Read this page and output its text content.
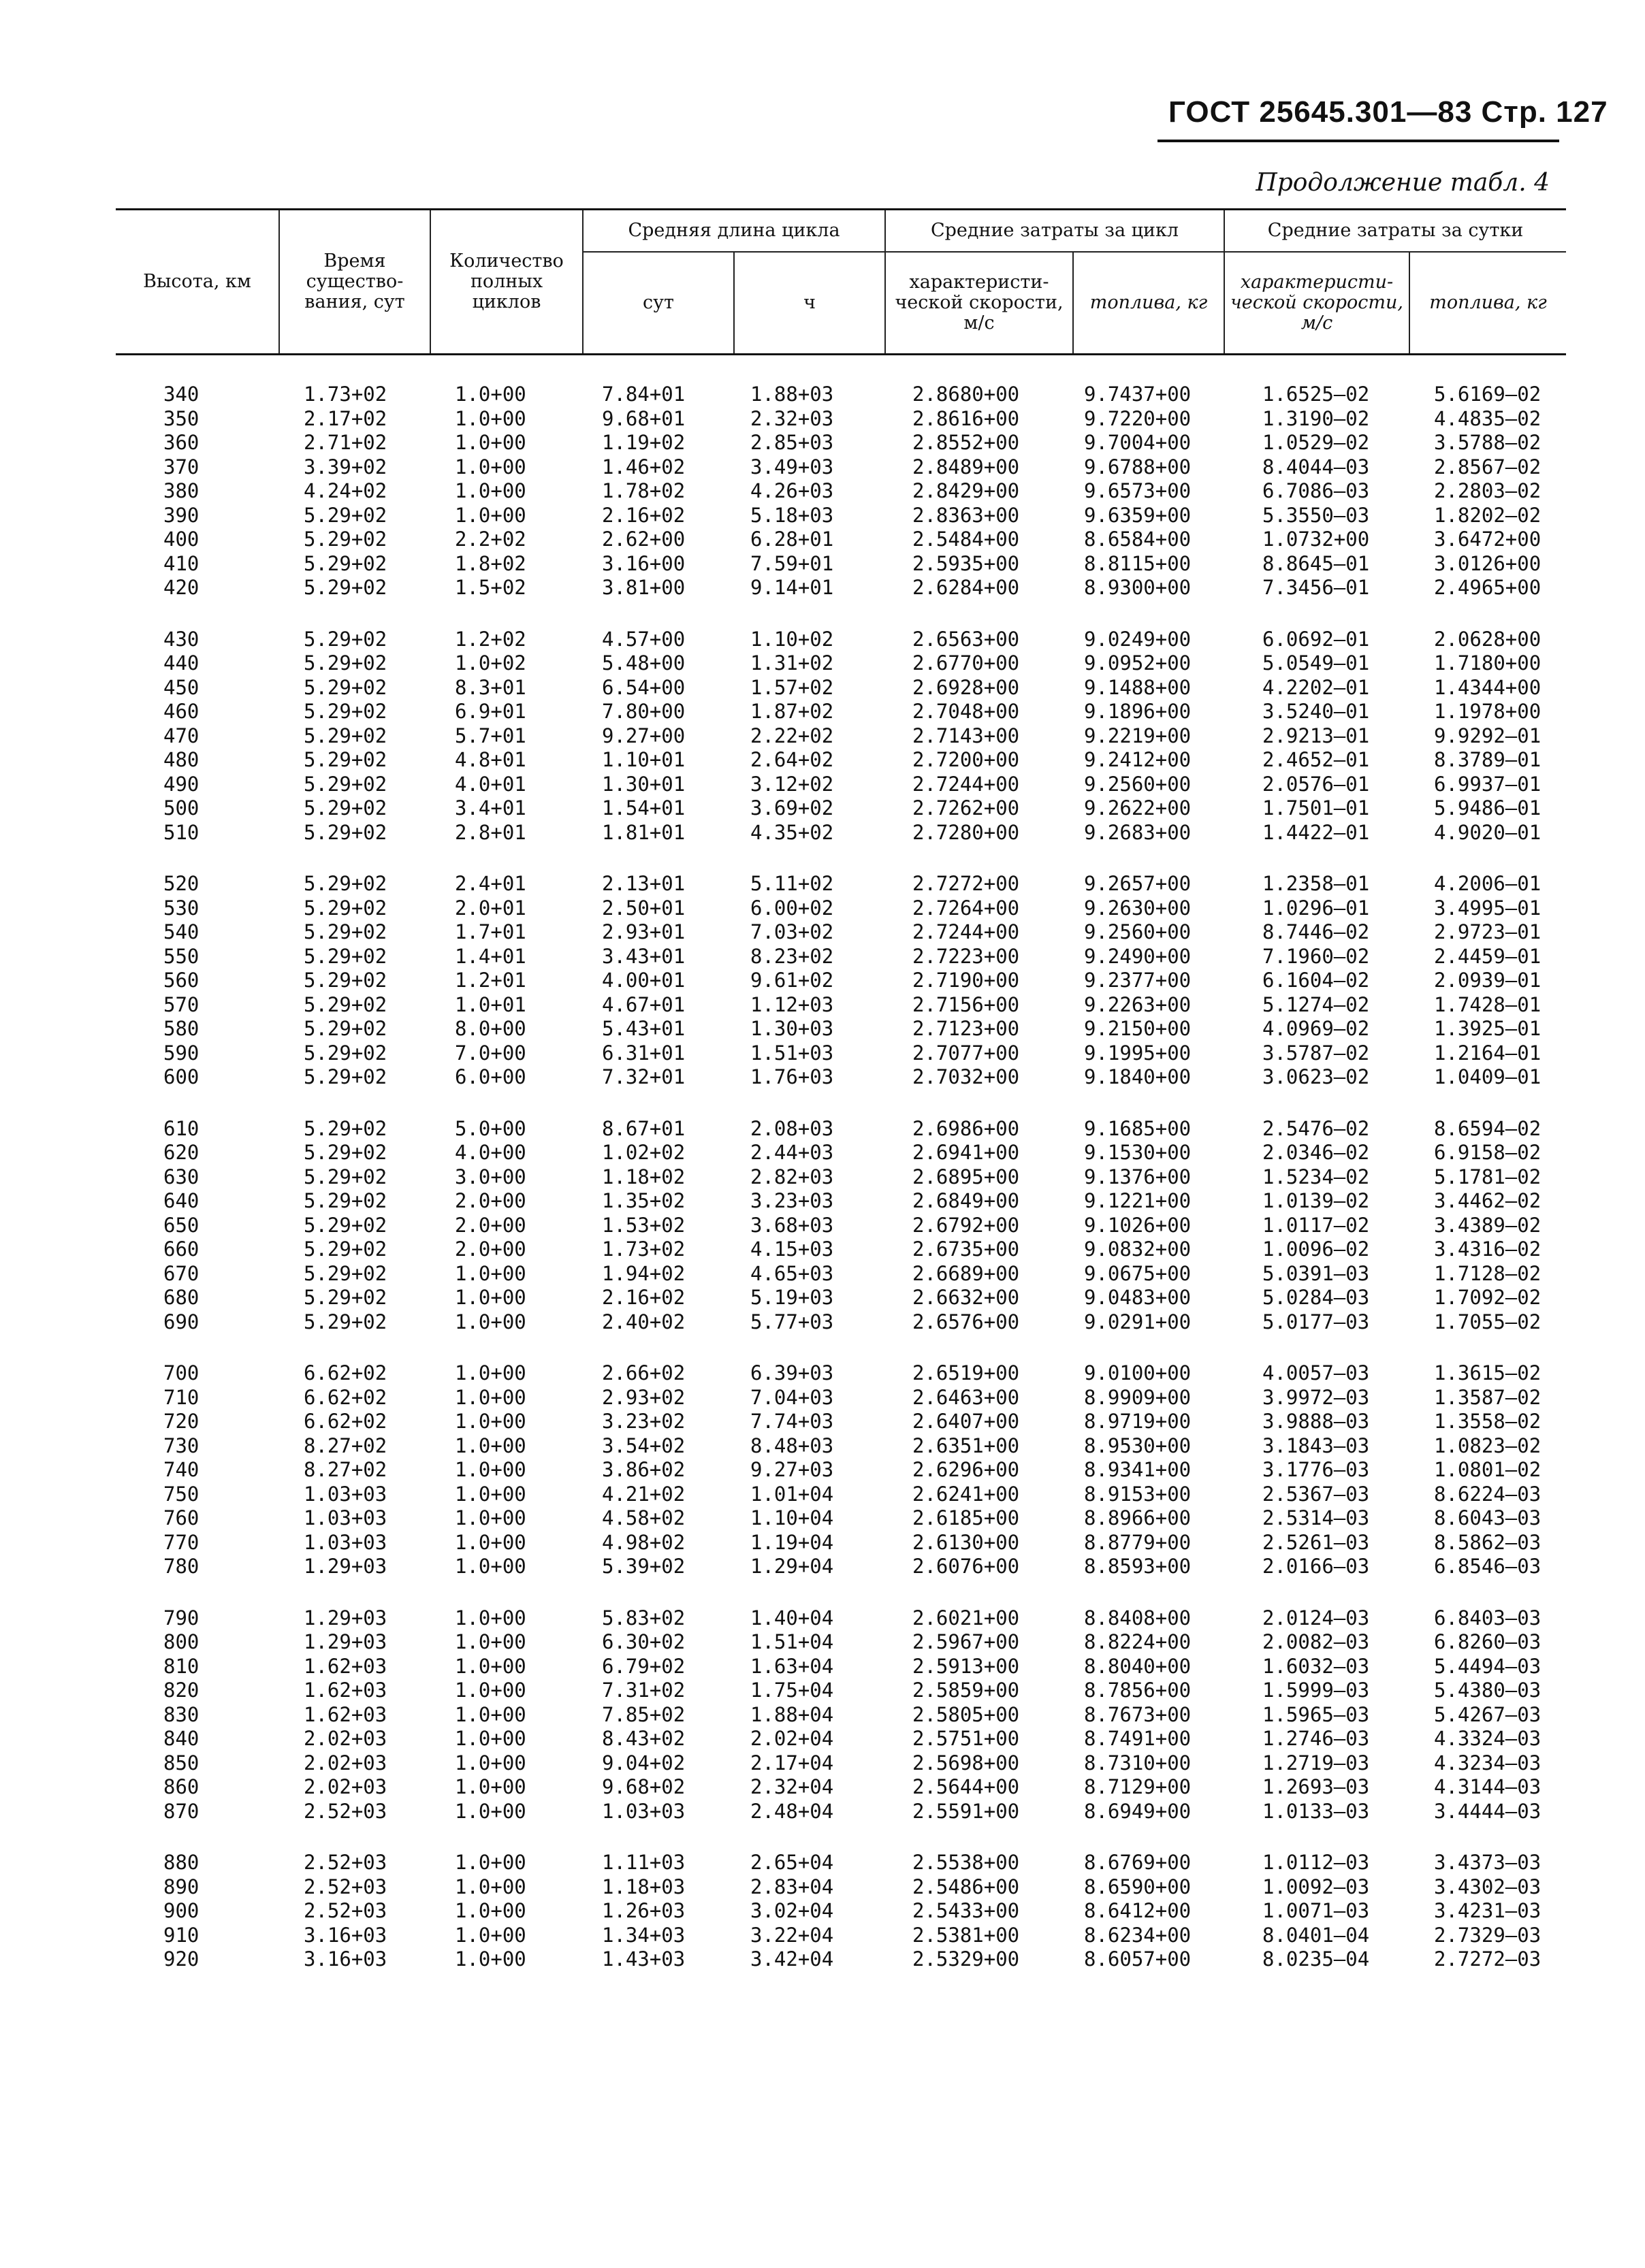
ГОСТ 25645.301—83 Стр. 127
Продолжение табл. 4
Высота, км	Время существо-вания, сут	Количество полных циклов	Средняя длина цикла		Средние затраты за цикл		Средние затраты за сутки	
			сут	ч	характеристи-ческой скорости, м/с	топлива, кг	характеристи-ческой скорости, м/с	топлива, кг

340	1.73+02	1.0+00	7.84+01	1.88+03	2.8680+00	9.7437+00	1.6525—02	5.6169—02
350	2.17+02	1.0+00	9.68+01	2.32+03	2.8616+00	9.7220+00	1.3190—02	4.4835—02
360	2.71+02	1.0+00	1.19+02	2.85+03	2.8552+00	9.7004+00	1.0529—02	3.5788—02
370	3.39+02	1.0+00	1.46+02	3.49+03	2.8489+00	9.6788+00	8.4044—03	2.8567—02
380	4.24+02	1.0+00	1.78+02	4.26+03	2.8429+00	9.6573+00	6.7086—03	2.2803—02
390	5.29+02	1.0+00	2.16+02	5.18+03	2.8363+00	9.6359+00	5.3550—03	1.8202—02
400	5.29+02	2.2+02	2.62+00	6.28+01	2.5484+00	8.6584+00	1.0732+00	3.6472+00
410	5.29+02	1.8+02	3.16+00	7.59+01	2.5935+00	8.8115+00	8.8645—01	3.0126+00
420	5.29+02	1.5+02	3.81+00	9.14+01	2.6284+00	8.9300+00	7.3456—01	2.4965+00

430	5.29+02	1.2+02	4.57+00	1.10+02	2.6563+00	9.0249+00	6.0692—01	2.0628+00
440	5.29+02	1.0+02	5.48+00	1.31+02	2.6770+00	9.0952+00	5.0549—01	1.7180+00
450	5.29+02	8.3+01	6.54+00	1.57+02	2.6928+00	9.1488+00	4.2202—01	1.4344+00
460	5.29+02	6.9+01	7.80+00	1.87+02	2.7048+00	9.1896+00	3.5240—01	1.1978+00
470	5.29+02	5.7+01	9.27+00	2.22+02	2.7143+00	9.2219+00	2.9213—01	9.9292—01
480	5.29+02	4.8+01	1.10+01	2.64+02	2.7200+00	9.2412+00	2.4652—01	8.3789—01
490	5.29+02	4.0+01	1.30+01	3.12+02	2.7244+00	9.2560+00	2.0576—01	6.9937—01
500	5.29+02	3.4+01	1.54+01	3.69+02	2.7262+00	9.2622+00	1.7501—01	5.9486—01
510	5.29+02	2.8+01	1.81+01	4.35+02	2.7280+00	9.2683+00	1.4422—01	4.9020—01

520	5.29+02	2.4+01	2.13+01	5.11+02	2.7272+00	9.2657+00	1.2358—01	4.2006—01
530	5.29+02	2.0+01	2.50+01	6.00+02	2.7264+00	9.2630+00	1.0296—01	3.4995—01
540	5.29+02	1.7+01	2.93+01	7.03+02	2.7244+00	9.2560+00	8.7446—02	2.9723—01
550	5.29+02	1.4+01	3.43+01	8.23+02	2.7223+00	9.2490+00	7.1960—02	2.4459—01
560	5.29+02	1.2+01	4.00+01	9.61+02	2.7190+00	9.2377+00	6.1604—02	2.0939—01
570	5.29+02	1.0+01	4.67+01	1.12+03	2.7156+00	9.2263+00	5.1274—02	1.7428—01
580	5.29+02	8.0+00	5.43+01	1.30+03	2.7123+00	9.2150+00	4.0969—02	1.3925—01
590	5.29+02	7.0+00	6.31+01	1.51+03	2.7077+00	9.1995+00	3.5787—02	1.2164—01
600	5.29+02	6.0+00	7.32+01	1.76+03	2.7032+00	9.1840+00	3.0623—02	1.0409—01

610	5.29+02	5.0+00	8.67+01	2.08+03	2.6986+00	9.1685+00	2.5476—02	8.6594—02
620	5.29+02	4.0+00	1.02+02	2.44+03	2.6941+00	9.1530+00	2.0346—02	6.9158—02
630	5.29+02	3.0+00	1.18+02	2.82+03	2.6895+00	9.1376+00	1.5234—02	5.1781—02
640	5.29+02	2.0+00	1.35+02	3.23+03	2.6849+00	9.1221+00	1.0139—02	3.4462—02
650	5.29+02	2.0+00	1.53+02	3.68+03	2.6792+00	9.1026+00	1.0117—02	3.4389—02
660	5.29+02	2.0+00	1.73+02	4.15+03	2.6735+00	9.0832+00	1.0096—02	3.4316—02
670	5.29+02	1.0+00	1.94+02	4.65+03	2.6689+00	9.0675+00	5.0391—03	1.7128—02
680	5.29+02	1.0+00	2.16+02	5.19+03	2.6632+00	9.0483+00	5.0284—03	1.7092—02
690	5.29+02	1.0+00	2.40+02	5.77+03	2.6576+00	9.0291+00	5.0177—03	1.7055—02

700	6.62+02	1.0+00	2.66+02	6.39+03	2.6519+00	9.0100+00	4.0057—03	1.3615—02
710	6.62+02	1.0+00	2.93+02	7.04+03	2.6463+00	8.9909+00	3.9972—03	1.3587—02
720	6.62+02	1.0+00	3.23+02	7.74+03	2.6407+00	8.9719+00	3.9888—03	1.3558—02
730	8.27+02	1.0+00	3.54+02	8.48+03	2.6351+00	8.9530+00	3.1843—03	1.0823—02
740	8.27+02	1.0+00	3.86+02	9.27+03	2.6296+00	8.9341+00	3.1776—03	1.0801—02
750	1.03+03	1.0+00	4.21+02	1.01+04	2.6241+00	8.9153+00	2.5367—03	8.6224—03
760	1.03+03	1.0+00	4.58+02	1.10+04	2.6185+00	8.8966+00	2.5314—03	8.6043—03
770	1.03+03	1.0+00	4.98+02	1.19+04	2.6130+00	8.8779+00	2.5261—03	8.5862—03
780	1.29+03	1.0+00	5.39+02	1.29+04	2.6076+00	8.8593+00	2.0166—03	6.8546—03

790	1.29+03	1.0+00	5.83+02	1.40+04	2.6021+00	8.8408+00	2.0124—03	6.8403—03
800	1.29+03	1.0+00	6.30+02	1.51+04	2.5967+00	8.8224+00	2.0082—03	6.8260—03
810	1.62+03	1.0+00	6.79+02	1.63+04	2.5913+00	8.8040+00	1.6032—03	5.4494—03
820	1.62+03	1.0+00	7.31+02	1.75+04	2.5859+00	8.7856+00	1.5999—03	5.4380—03
830	1.62+03	1.0+00	7.85+02	1.88+04	2.5805+00	8.7673+00	1.5965—03	5.4267—03
840	2.02+03	1.0+00	8.43+02	2.02+04	2.5751+00	8.7491+00	1.2746—03	4.3324—03
850	2.02+03	1.0+00	9.04+02	2.17+04	2.5698+00	8.7310+00	1.2719—03	4.3234—03
860	2.02+03	1.0+00	9.68+02	2.32+04	2.5644+00	8.7129+00	1.2693—03	4.3144—03
870	2.52+03	1.0+00	1.03+03	2.48+04	2.5591+00	8.6949+00	1.0133—03	3.4444—03

880	2.52+03	1.0+00	1.11+03	2.65+04	2.5538+00	8.6769+00	1.0112—03	3.4373—03
890	2.52+03	1.0+00	1.18+03	2.83+04	2.5486+00	8.6590+00	1.0092—03	3.4302—03
900	2.52+03	1.0+00	1.26+03	3.02+04	2.5433+00	8.6412+00	1.0071—03	3.4231—03
910	3.16+03	1.0+00	1.34+03	3.22+04	2.5381+00	8.6234+00	8.0401—04	2.7329—03
920	3.16+03	1.0+00	1.43+03	3.42+04	2.5329+00	8.6057+00	8.0235—04	2.7272—03
